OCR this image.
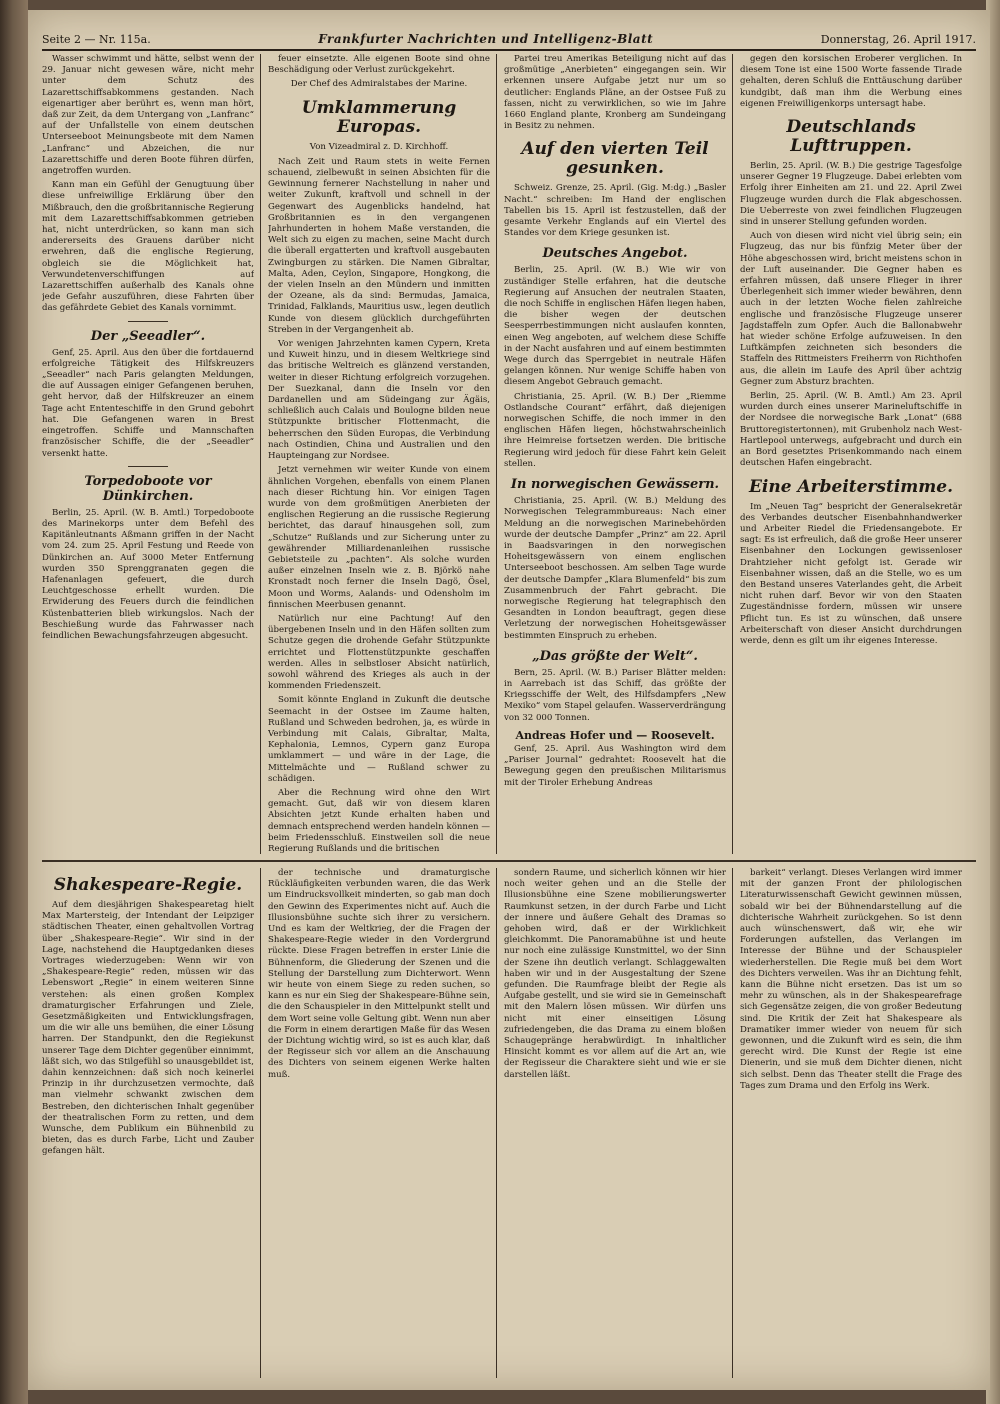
Seite 2 — Nr. 115a.	Frankfurter Nachrichten und Intelligenz-Blatt	Donnerstag, 26. April 1917.

Wasser schwimmt und hätte, selbst wenn der 29. Januar nicht gewesen wäre, nicht mehr unter dem Schutz des Lazarettschiffsabkommens gestanden. Nach eigenartiger aber berührt es, wenn man hört, daß zur Zeit, da dem Untergang von „Lanfranc“ auf der Unfallstelle von einem deutschen Unterseeboot Meinungsbeote mit dem Namen „Lanfranc“ und Abzeichen, die nur Lazarettschiffe und deren Boote führen dürfen, angetroffen wurden.

Kann man ein Gefühl der Genugtuung über diese unfreiwillige Erklärung über den Mißbrauch, den die großbritannische Regierung mit dem Lazarettschiffsabkommen getrieben hat, nicht unterdrücken, so kann man sich andererseits des Grauens darüber nicht erwehren, daß die englische Regierung, obgleich sie die Möglichkeit hat, Verwundetenverschiffungen auf Lazarettschiffen außerhalb des Kanals ohne jede Gefahr auszuführen, diese Fahrten über das gefährdete Gebiet des Kanals vornimmt.

Der „Seeadler“.

Genf, 25. April. Aus den über die fortdauernd erfolgreiche Tätigkeit des Hilfskreuzers „Seeadler“ nach Paris gelangten Meldungen, die auf Aussagen einiger Gefangenen beruhen, geht hervor, daß der Hilfskreuzer an einem Tage acht Ententeschiffe in den Grund gebohrt hat. Die Gefangenen waren in Brest eingetroffen. Schiffe und Mannschaften französischer Schiffe, die der „Seeadler“ versenkt hatte.

Torpedoboote vor Dünkirchen.

Berlin, 25. April. (W. B. Amtl.) Torpedoboote des Marinekorps unter dem Befehl des Kapitänleutnants Aßmann griffen in der Nacht vom 24. zum 25. April Festung und Reede von Dünkirchen an. Auf 3000 Meter Entfernung wurden 350 Sprenggranaten gegen die Hafenanlagen gefeuert, die durch Leuchtgeschosse erhellt wurden. Die Erwiderung des Feuers durch die feindlichen Küstenbatterien blieb wirkungslos. Nach der Beschießung wurde das Fahrwasser nach feindlichen Bewachungsfahrzeugen abgesucht.

feuer einsetzte. Alle eigenen Boote sind ohne Beschädigung oder Verlust zurückgekehrt.

Der Chef des Admiralstabes der Marine.
Umklammerung Europas.
Von Vizeadmiral z. D. Kirchhoff.

Nach Zeit und Raum stets in weite Fernen schauend, zielbewußt in seinen Absichten für die Gewinnung fernerer Nachstellung in naher und weiter Zukunft, kraftvoll und schnell in der Gegenwart des Augenblicks handelnd, hat Großbritannien es in den vergangenen Jahrhunderten in hohem Maße verstanden, die Welt sich zu eigen zu machen, seine Macht durch die überall ergatterten und kraftvoll ausgebauten Zwingburgen zu stärken. Die Namen Gibraltar, Malta, Aden, Ceylon, Singapore, Hongkong, die der vielen Inseln an den Mündern und inmitten der Ozeane, als da sind: Bermudas, Jamaica, Trinidad, Falklands, Mauritius usw., legen deutlich Kunde von diesem glücklich durchgeführten Streben in der Vergangenheit ab.

Vor wenigen Jahrzehnten kamen Cypern, Kreta und Kuweit hinzu, und in diesem Weltkriege sind das britische Weltreich es glänzend verstanden, weiter in dieser Richtung erfolgreich vorzugehen. Der Suezkanal, dann die Inseln vor den Dardanellen und am Südeingang zur Ägäis, schließlich auch Calais und Boulogne bilden neue Stützpunkte britischer Flottenmacht, die beherrschen den Süden Europas, die Verbindung nach Ostindien, China und Australien und den Haupteingang zur Nordsee.

Jetzt vernehmen wir weiter Kunde von einem ähnlichen Vorgehen, ebenfalls von einem Planen nach dieser Richtung hin. Vor einigen Tagen wurde von dem großmütigen Anerbieten der englischen Regierung an die russische Regierung berichtet, das darauf hinausgehen soll, zum „Schutze“ Rußlands und zur Sicherung unter zu gewährender Milliardenanleihen russische Gebietsteile zu „pachten“. Als solche wurden außer einzelnen Inseln wie z. B. Björkö nahe Kronstadt noch ferner die Inseln Dagö, Ösel, Moon und Worms, Aalands- und Odensholm im finnischen Meerbusen genannt.

Natürlich nur eine Pachtung! Auf den übergebenen Inseln und in den Häfen sollten zum Schutze gegen die drohende Gefahr Stützpunkte errichtet und Flottenstützpunkte geschaffen werden. Alles in selbstloser Absicht natürlich, sowohl während des Krieges als auch in der kommenden Friedenszeit.

Somit könnte England in Zukunft die deutsche Seemacht in der Ostsee im Zaume halten, Rußland und Schweden bedrohen, ja, es würde in Verbindung mit Calais, Gibraltar, Malta, Kephalonia, Lemnos, Cypern ganz Europa umklammert — und wäre in der Lage, die Mittelmächte und — Rußland schwer zu schädigen.

Aber die Rechnung wird ohne den Wirt gemacht. Gut, daß wir von diesem klaren Absichten jetzt Kunde erhalten haben und demnach entsprechend werden handeln können — beim Friedensschluß. Einstweilen soll die neue Regierung Rußlands und die britischen

Partei treu Amerikas Beteiligung nicht auf das großmütige „Anerbieten“ eingegangen sein. Wir erkennen unsere Aufgabe jetzt nur um so deutlicher: Englands Pläne, an der Ostsee Fuß zu fassen, nicht zu verwirklichen, so wie im Jahre 1660 England plante, Kronberg am Sundeingang in Besitz zu nehmen.

Auf den vierten Teil gesunken.

Schweiz. Grenze, 25. April. (Gig. M:dg.) „Basler Nacht.“ schreiben: Im Hand der englischen Tabellen bis 15. April ist festzustellen, daß der gesamte Verkehr Englands auf ein Viertel des Standes vor dem Kriege gesunken ist.

Deutsches Angebot.

Berlin, 25. April. (W. B.) Wie wir von zuständiger Stelle erfahren, hat die deutsche Regierung auf Ansuchen der neutralen Staaten, die noch Schiffe in englischen Häfen liegen haben, die bisher wegen der deutschen Seesperrbestimmungen nicht auslaufen konnten, einen Weg angeboten, auf welchem diese Schiffe in der Nacht ausfahren und auf einem bestimmten Wege durch das Sperrgebiet in neutrale Häfen gelangen können. Nur wenige Schiffe haben von diesem Angebot Gebrauch gemacht.

Christiania, 25. April. (W. B.) Der „Riemme Ostlandsche Courant“ erfährt, daß diejenigen norwegischen Schiffe, die noch immer in den englischen Häfen liegen, höchstwahrscheinlich ihre Heimreise fortsetzen werden. Die britische Regierung wird jedoch für diese Fahrt kein Geleit stellen.

In norwegischen Gewässern.

Christiania, 25. April. (W. B.) Meldung des Norwegischen Telegrammbureaus: Nach einer Meldung an die norwegischen Marinebehörden wurde der deutsche Dampfer „Prinz“ am 22. April in Baadsvaringen in den norwegischen Hoheitsgewässern von einem englischen Unterseeboot beschossen. Am selben Tage wurde der deutsche Dampfer „Klara Blumenfeld“ bis zum Zusammenbruch der Fahrt gebracht. Die norwegische Regierung hat telegraphisch den Gesandten in London beauftragt, gegen diese Verletzung der norwegischen Hoheitsgewässer bestimmten Einspruch zu erheben.

„Das größte der Welt“.

Bern, 25. April. (W. B.) Pariser Blätter melden: in Aarrebach ist das Schiff, das größte der Kriegsschiffe der Welt, des Hilfsdampfers „New Mexiko“ vom Stapel gelaufen. Wasserverdrängung von 32 000 Tonnen.

Andreas Hofer und — Roosevelt.

Genf, 25. April. Aus Washington wird dem „Pariser Journal“ gedrahtet: Roosevelt hat die Bewegung gegen den preußischen Militarismus mit der Tiroler Erhebung Andreas

gegen den korsischen Eroberer verglichen. In diesem Tone ist eine 1500 Worte fassende Tirade gehalten, deren Schluß die Enttäuschung darüber kundgibt, daß man ihm die Werbung eines eigenen Freiwilligenkorps untersagt habe.

Deutschlands Lufttruppen.

Berlin, 25. April. (W. B.) Die gestrige Tagesfolge unserer Gegner 19 Flugzeuge. Dabei erlebten vom Erfolg ihrer Einheiten am 21. und 22. April Zwei Flugzeuge wurden durch die Flak abgeschossen. Die Ueberreste von zwei feindlichen Flugzeugen sind in unserer Stellung gefunden worden.

Auch von diesen wird nicht viel übrig sein; ein Flugzeug, das nur bis fünfzig Meter über der Höhe abgeschossen wird, bricht meistens schon in der Luft auseinander. Die Gegner haben es erfahren müssen, daß unsere Flieger in ihrer Überlegenheit sich immer wieder bewähren, denn auch in der letzten Woche fielen zahlreiche englische und französische Flugzeuge unserer Jagdstaffeln zum Opfer. Auch die Ballonabwehr hat wieder schöne Erfolge aufzuweisen. In den Luftkämpfen zeichneten sich besonders die Staffeln des Rittmeisters Freiherrn von Richthofen aus, die allein im Laufe des April über achtzig Gegner zum Absturz brachten.

Berlin, 25. April. (W. B. Amtl.) Am 23. April wurden durch eines unserer Marineluftschiffe in der Nordsee die norwegische Bark „Lonat“ (688 Bruttoregistertonnen), mit Grubenholz nach West-Hartlepool unterwegs, aufgebracht und durch ein an Bord gesetztes Prisenkommando nach einem deutschen Hafen eingebracht.

Eine Arbeiterstimme.

Im „Neuen Tag“ bespricht der Generalsekretär des Verbandes deutscher Eisenbahnhandwerker und Arbeiter Riedel die Friedensangebote. Er sagt: Es ist erfreulich, daß die große Heer unserer Eisenbahner den Lockungen gewissenloser Drahtzieher nicht gefolgt ist. Gerade wir Eisenbahner wissen, daß an die Stelle, wo es um den Bestand unseres Vaterlandes geht, die Arbeit nicht ruhen darf. Bevor wir von den Staaten Zugeständnisse fordern, müssen wir unsere Pflicht tun. Es ist zu wünschen, daß unsere Arbeiterschaft von dieser Ansicht durchdrungen werde, denn es gilt um ihr eigenes Interesse.

Shakespeare-Regie.

Auf dem diesjährigen Shakespearetag hielt Max Martersteig, der Intendant der Leipziger städtischen Theater, einen gehaltvollen Vortrag über „Shakespeare-Regie“. Wir sind in der Lage, nachstehend die Hauptgedanken dieses Vortrages wiederzugeben: Wenn wir von „Shakespeare-Regie“ reden, müssen wir das Lebenswort „Regie“ in einem weiteren Sinne verstehen: als einen großen Komplex dramaturgischer Erfahrungen und Ziele, Gesetzmäßigkeiten und Entwicklungsfragen, um die wir alle uns bemühen, die einer Lösung harren. Der Standpunkt, den die Regiekunst unserer Tage dem Dichter gegenüber einnimmt, läßt sich, wo das Stilgefühl so unausgebildet ist, dahin kennzeichnen: daß sich noch keinerlei Prinzip in ihr durchzusetzen vermochte, daß man vielmehr schwankt zwischen dem Bestreben, den dichterischen Inhalt gegenüber der theatralischen Form zu retten, und dem Wunsche, dem Publikum ein Bühnenbild zu bieten, das es durch Farbe, Licht und Zauber gefangen hält.

der technische und dramaturgische Rückläufigkeiten verbunden waren, die das Werk um Eindrucksvollkeit minderten, so gab man doch den Gewinn des Experimentes nicht auf. Auch die Illusionsbühne suchte sich ihrer zu versichern. Und es kam der Weltkrieg, der die Fragen der Shakespeare-Regie wieder in den Vordergrund rückte. Diese Fragen betreffen in erster Linie die Bühnenform, die Gliederung der Szenen und die Stellung der Darstellung zum Dichterwort. Wenn wir heute von einem Siege zu reden suchen, so kann es nur ein Sieg der Shakespeare-Bühne sein, die den Schauspieler in den Mittelpunkt stellt und dem Wort seine volle Geltung gibt. Wenn nun aber die Form in einem derartigen Maße für das Wesen der Dichtung wichtig wird, so ist es auch klar, daß der Regisseur sich vor allem an die Anschauung des Dichters von seinem eigenen Werke halten muß.

sondern Raume, und sicherlich können wir hier noch weiter gehen und an die Stelle der Illusionsbühne eine Szene mobilierungswerter Raumkunst setzen, in der durch Farbe und Licht der innere und äußere Gehalt des Dramas so gehoben wird, daß er der Wirklichkeit gleichkommt. Die Panoramabühne ist und heute nur noch eine zulässige Kunstmittel, wo der Sinn der Szene ihn deutlich verlangt. Schlaggewalten haben wir und in der Ausgestaltung der Szene gefunden. Die Raumfrage bleibt der Regie als Aufgabe gestellt, und sie wird sie in Gemeinschaft mit den Malern lösen müssen. Wir dürfen uns nicht mit einer einseitigen Lösung zufriedengeben, die das Drama zu einem bloßen Schaugepränge herabwürdigt. In inhaltlicher Hinsicht kommt es vor allem auf die Art an, wie der Regisseur die Charaktere sieht und wie er sie darstellen läßt.

barkeit“ verlangt. Dieses Verlangen wird immer mit der ganzen Front der philologischen Literaturwissenschaft Gewicht gewinnen müssen, sobald wir bei der Bühnendarstellung auf die dichterische Wahrheit zurückgehen. So ist denn auch wünschenswert, daß wir, ehe wir Forderungen aufstellen, das Verlangen im Interesse der Bühne und der Schauspieler wiederherstellen. Die Regie muß bei dem Wort des Dichters verweilen. Was ihr an Dichtung fehlt, kann die Bühne nicht ersetzen. Das ist um so mehr zu wünschen, als in der Shakespearefrage sich Gegensätze zeigen, die von großer Bedeutung sind. Die Kritik der Zeit hat Shakespeare als Dramatiker immer wieder von neuem für sich gewonnen, und die Zukunft wird es sein, die ihm gerecht wird. Die Kunst der Regie ist eine Dienerin, und sie muß dem Dichter dienen, nicht sich selbst. Denn das Theater stellt die Frage des Tages zum Drama und den Erfolg ins Werk.
